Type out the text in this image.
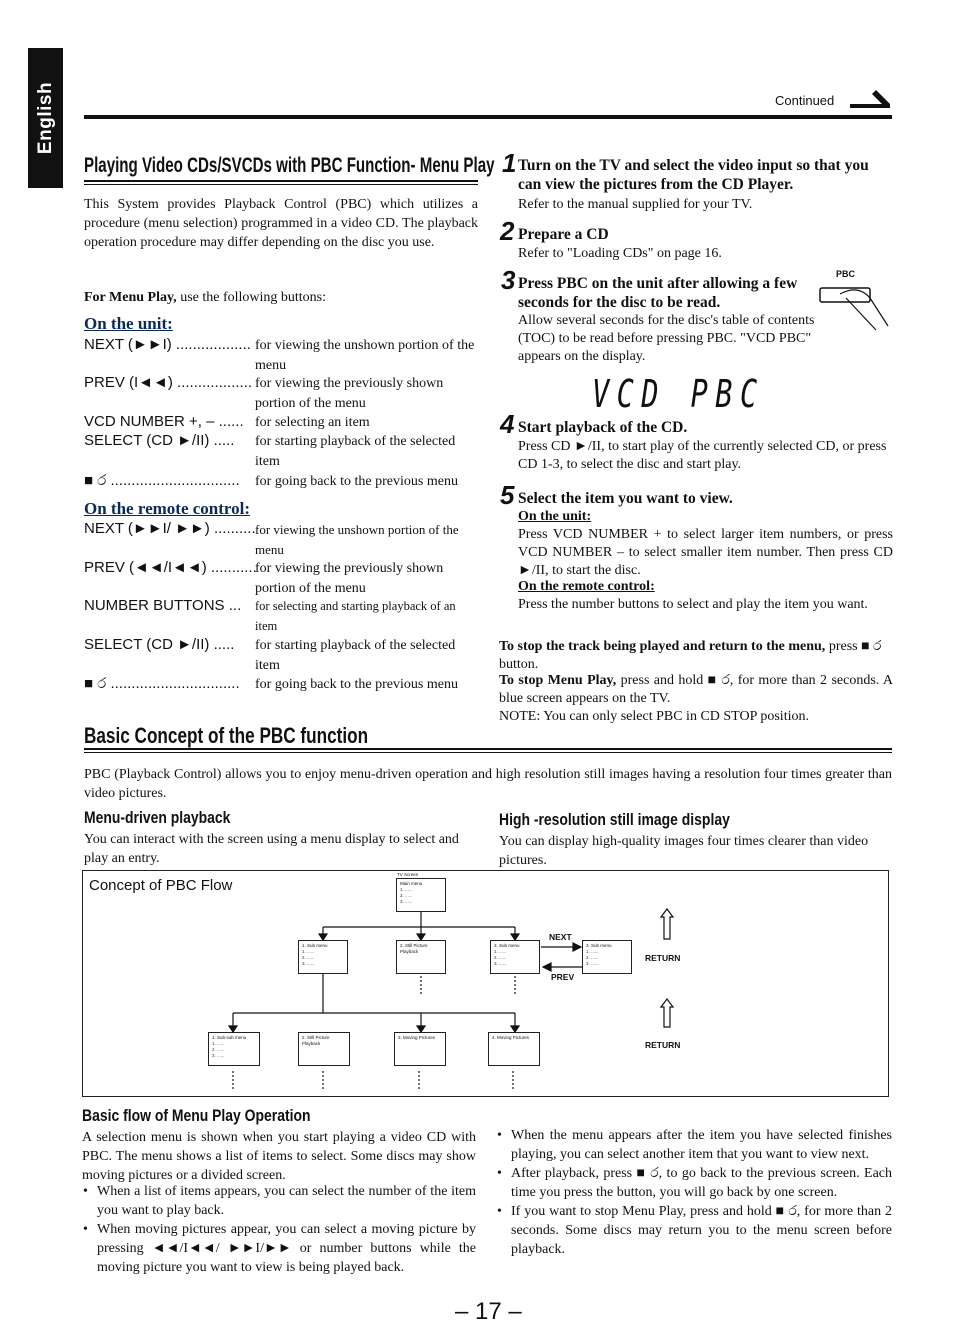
English	Continued
Playing Video CDs/SVCDs with PBC Function- Menu Play
This System provides Playback Control (PBC) which utilizes a procedure (menu selection) programmed in a video CD. The playback operation procedure may differ depending on the disc you use.
For Menu Play, use the following buttons:
On the unit:
NEXT (►►I) .................. for viewing the unshown portion of the menu
PREV (I◄◄) .................. for viewing the previously shown portion of the menu
VCD NUMBER +, – ...... for selecting an item
SELECT (CD ►/II) ..... for starting playback of the selected item
■ ර ............................... for going back to the previous menu
On the remote control:
NEXT (►►I/ ►►) .......... for viewing the unshown portion of the menu
PREV (◄◄/I◄◄) ...........
for viewing the previously shown portion of the menu
NUMBER BUTTONS ... for selecting and starting playback of an item
SELECT (CD ►/II) ..... for starting playback of the selected item
■ ර ............................... for going back to the previous menu
1 Turn on the TV and select the video input so that you can view the pictures from the CD Player.
Refer to the manual supplied for your TV.
2 Prepare a CD
Refer to "Loading CDs" on page 16.
3 Press PBC on the unit after allowing a few seconds for the disc to be read.
Allow several seconds for the disc's table of contents (TOC) to be read before pressing PBC. "VCD PBC" appears on the display.
PBC
VCD PBC
4 Start playback of the CD.
Press CD ►/II, to start play of the currently selected CD, or press CD 1-3, to select the disc and start play.
5 Select the item you want to view.
On the unit:
Press VCD NUMBER + to select larger item numbers, or press VCD NUMBER – to select smaller item number. Then press CD ►/II, to start the disc.
On the remote control:
Press the number buttons to select and play the item you want.
To stop the track being played and return to the menu, press ■ ර button.
To stop Menu Play, press and hold ■ ර, for more than 2 seconds. A blue screen appears on the TV.
NOTE: You can only select PBC in CD STOP position.
Basic Concept of the PBC function
PBC (Playback Control) allows you to enjoy menu-driven operation and high resolution still images having a resolution four times greater than video pictures.
Menu-driven playback
You can interact with the screen using a menu display to select and play an entry.
High -resolution still image display
You can display high-quality images four times clearer than video pictures.
Concept of PBC Flow
TV Screen
Main menu
1. ......
2. ......
3. ......
1. Sub menu
1. ......
2. ......
3. ......
2. Still Picture Playback
3. Sub menu
1. ......
2. ......
3. ......
3. Sub menu
1. ......
2. ......
3. ......
NEXT
PREV
RETURN
RETURN
1. Sub-sub menu
1. ......
2. ......
3. ......
2. Still Picture Playback
3. Moving Pictures	4. Moving Pictures
Basic flow of Menu Play Operation
A selection menu is shown when you start playing a video CD with PBC. The menu shows a list of items to select. Some discs may show moving pictures or a divided screen.
• When a list of items appears, you can select the number of the item you want to play back.
• When moving pictures appear, you can select a moving picture by pressing ◄◄/I◄◄/ ►►I/►► or number buttons while the moving picture you want to view is being played back.
• When the menu appears after the item you have selected finishes playing, you can select another item that you want to view next.
• After playback, press ■ ර, to go back to the previous screen. Each time you press the button, you will go back by one screen.
• If you want to stop Menu Play, press and hold ■ ර, for more than 2 seconds. Some discs may return you to the menu screen before playback.
– 17 –
